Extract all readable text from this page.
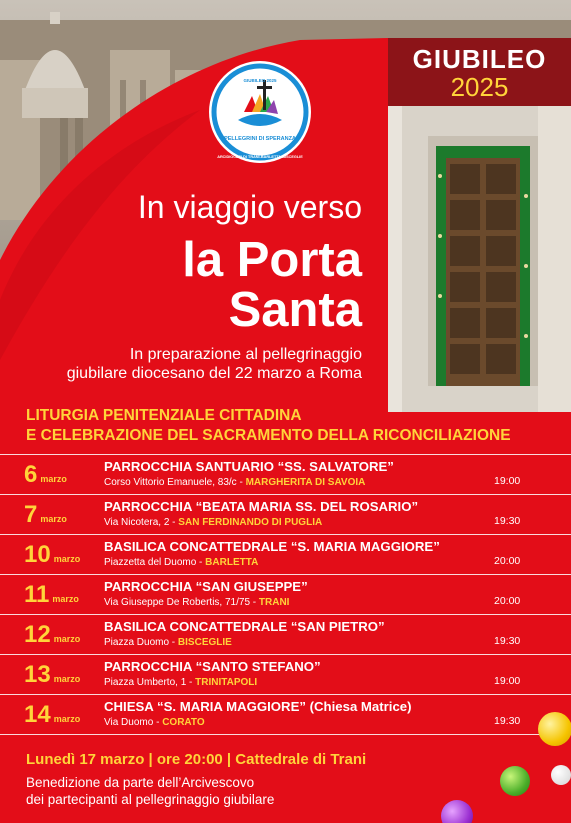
GIUBILEO
2025
PELLEGRINI DI SPERANZA
GIUBILEO 2025
ARCIDIOCESI DI TRANI-BARLETTA-BISCEGLIE
In viaggio verso
la Porta
Santa
In preparazione al pellegrinaggio
giubilare diocesano del 22 marzo a Roma
LITURGIA PENITENZIALE CITTADINA
E CELEBRAZIONE DEL SACRAMENTO DELLA RICONCILIAZIONE
6 marzo
PARROCCHIA SANTUARIO “SS. SALVATORE”
Corso Vittorio Emanuele, 83/c - MARGHERITA DI SAVOIA	19:00
7 marzo
PARROCCHIA “BEATA MARIA SS. DEL ROSARIO”
Via Nicotera, 2 - SAN FERDINANDO DI PUGLIA	19:30
10 marzo
BASILICA CONCATTEDRALE “S. MARIA MAGGIORE”
Piazzetta del Duomo - BARLETTA	20:00
11 marzo
PARROCCHIA “SAN GIUSEPPE”
Via Giuseppe De Robertis, 71/75 - TRANI	20:00
12 marzo
BASILICA CONCATTEDRALE “SAN PIETRO”
Piazza Duomo - BISCEGLIE	19:30
13 marzo
PARROCCHIA “SANTO STEFANO”
Piazza Umberto, 1 - TRINITAPOLI	19:00
14 marzo
CHIESA “S. MARIA MAGGIORE” (Chiesa Matrice)
Via Duomo - CORATO	19:30
Lunedì 17 marzo | ore 20:00 | Cattedrale di Trani
Benedizione da parte dell’Arcivescovo
dei partecipanti al pellegrinaggio giubilare
